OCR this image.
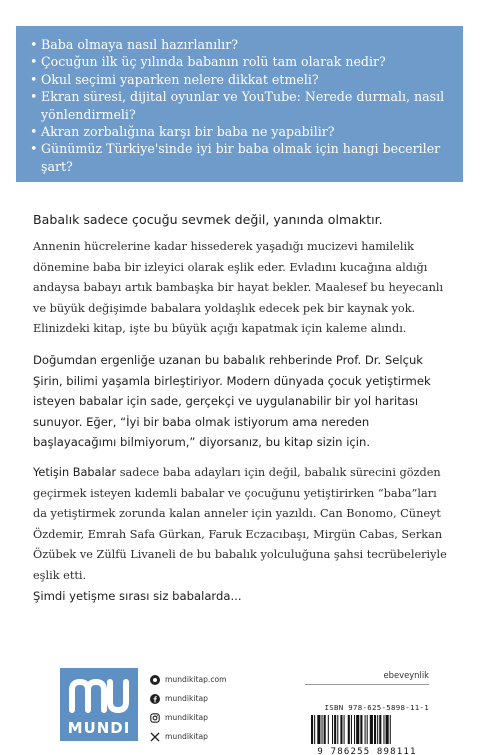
• Baba olmaya nasıl hazırlanılır?
• Çocuğun ilk üç yılında babanın rolü tam olarak nedir?
• Okul seçimi yaparken nelere dikkat etmeli?
• Ekran süresi, dijital oyunlar ve YouTube: Nerede durmalı, nasıl
yönlendirmeli?
• Akran zorbalığına karşı bir baba ne yapabilir?
• Günümüz Türkiye'sinde iyi bir baba olmak için hangi beceriler şart?

Babalık sadece çocuğu sevmek değil, yanında olmaktır.

Annenin hücrelerine kadar hissederek yaşadığı mucizevi hamilelik döneminе baba bir izleyici olarak eşlik eder. Evladını kucağına aldığı andaysa babayı artık bambaşka bir hayat bekler. Maalesef bu heyecanlı ve büyük değişimde babalara yoldaşlık edecek pek bir kaynak yok. Elinizdeki kitap, işte bu büyük açığı kapatmak için kaleme alındı.

Doğumdan ergenliğe uzanan bu babalık rehberinde Prof. Dr. Selçuk Şirin, bilimi yaşamla birleştiriyor. Modern dünyada çocuk yetiştirmek isteyen babalar için sade, gerçekçi ve uygulanabilir bir yol haritası sunuyor. Eğer, “İyi bir baba olmak istiyorum ama nereden başlayacağımı bilmiyorum,” diyorsanız, bu kitap sizin için.

Yetişin Babalar sadece baba adayları için değil, babalık sürecini gözden geçirmek isteyen kıdemli babalar ve çocuğunu yetiştirirken “baba”ları da yetiştirmek zorunda kalan anneler için yazıldı. Can Bonomo, Cüneyt Özdemir, Emrah Safa Gürkan, Faruk Eczacıbaşı, Mirgün Cabas, Serkan Özübek ve Zülfü Livaneli de bu babalık yolculuğuna şahsi tecrübeleriyle eşlik etti.

Şimdi yetişme sırası siz babalarda...

MUNDI
mundikitap.com
mundikitap
mundikitap
mundikitap
ebeveynlik
ISBN 978-625-5898-11-1
9 786255 898111
